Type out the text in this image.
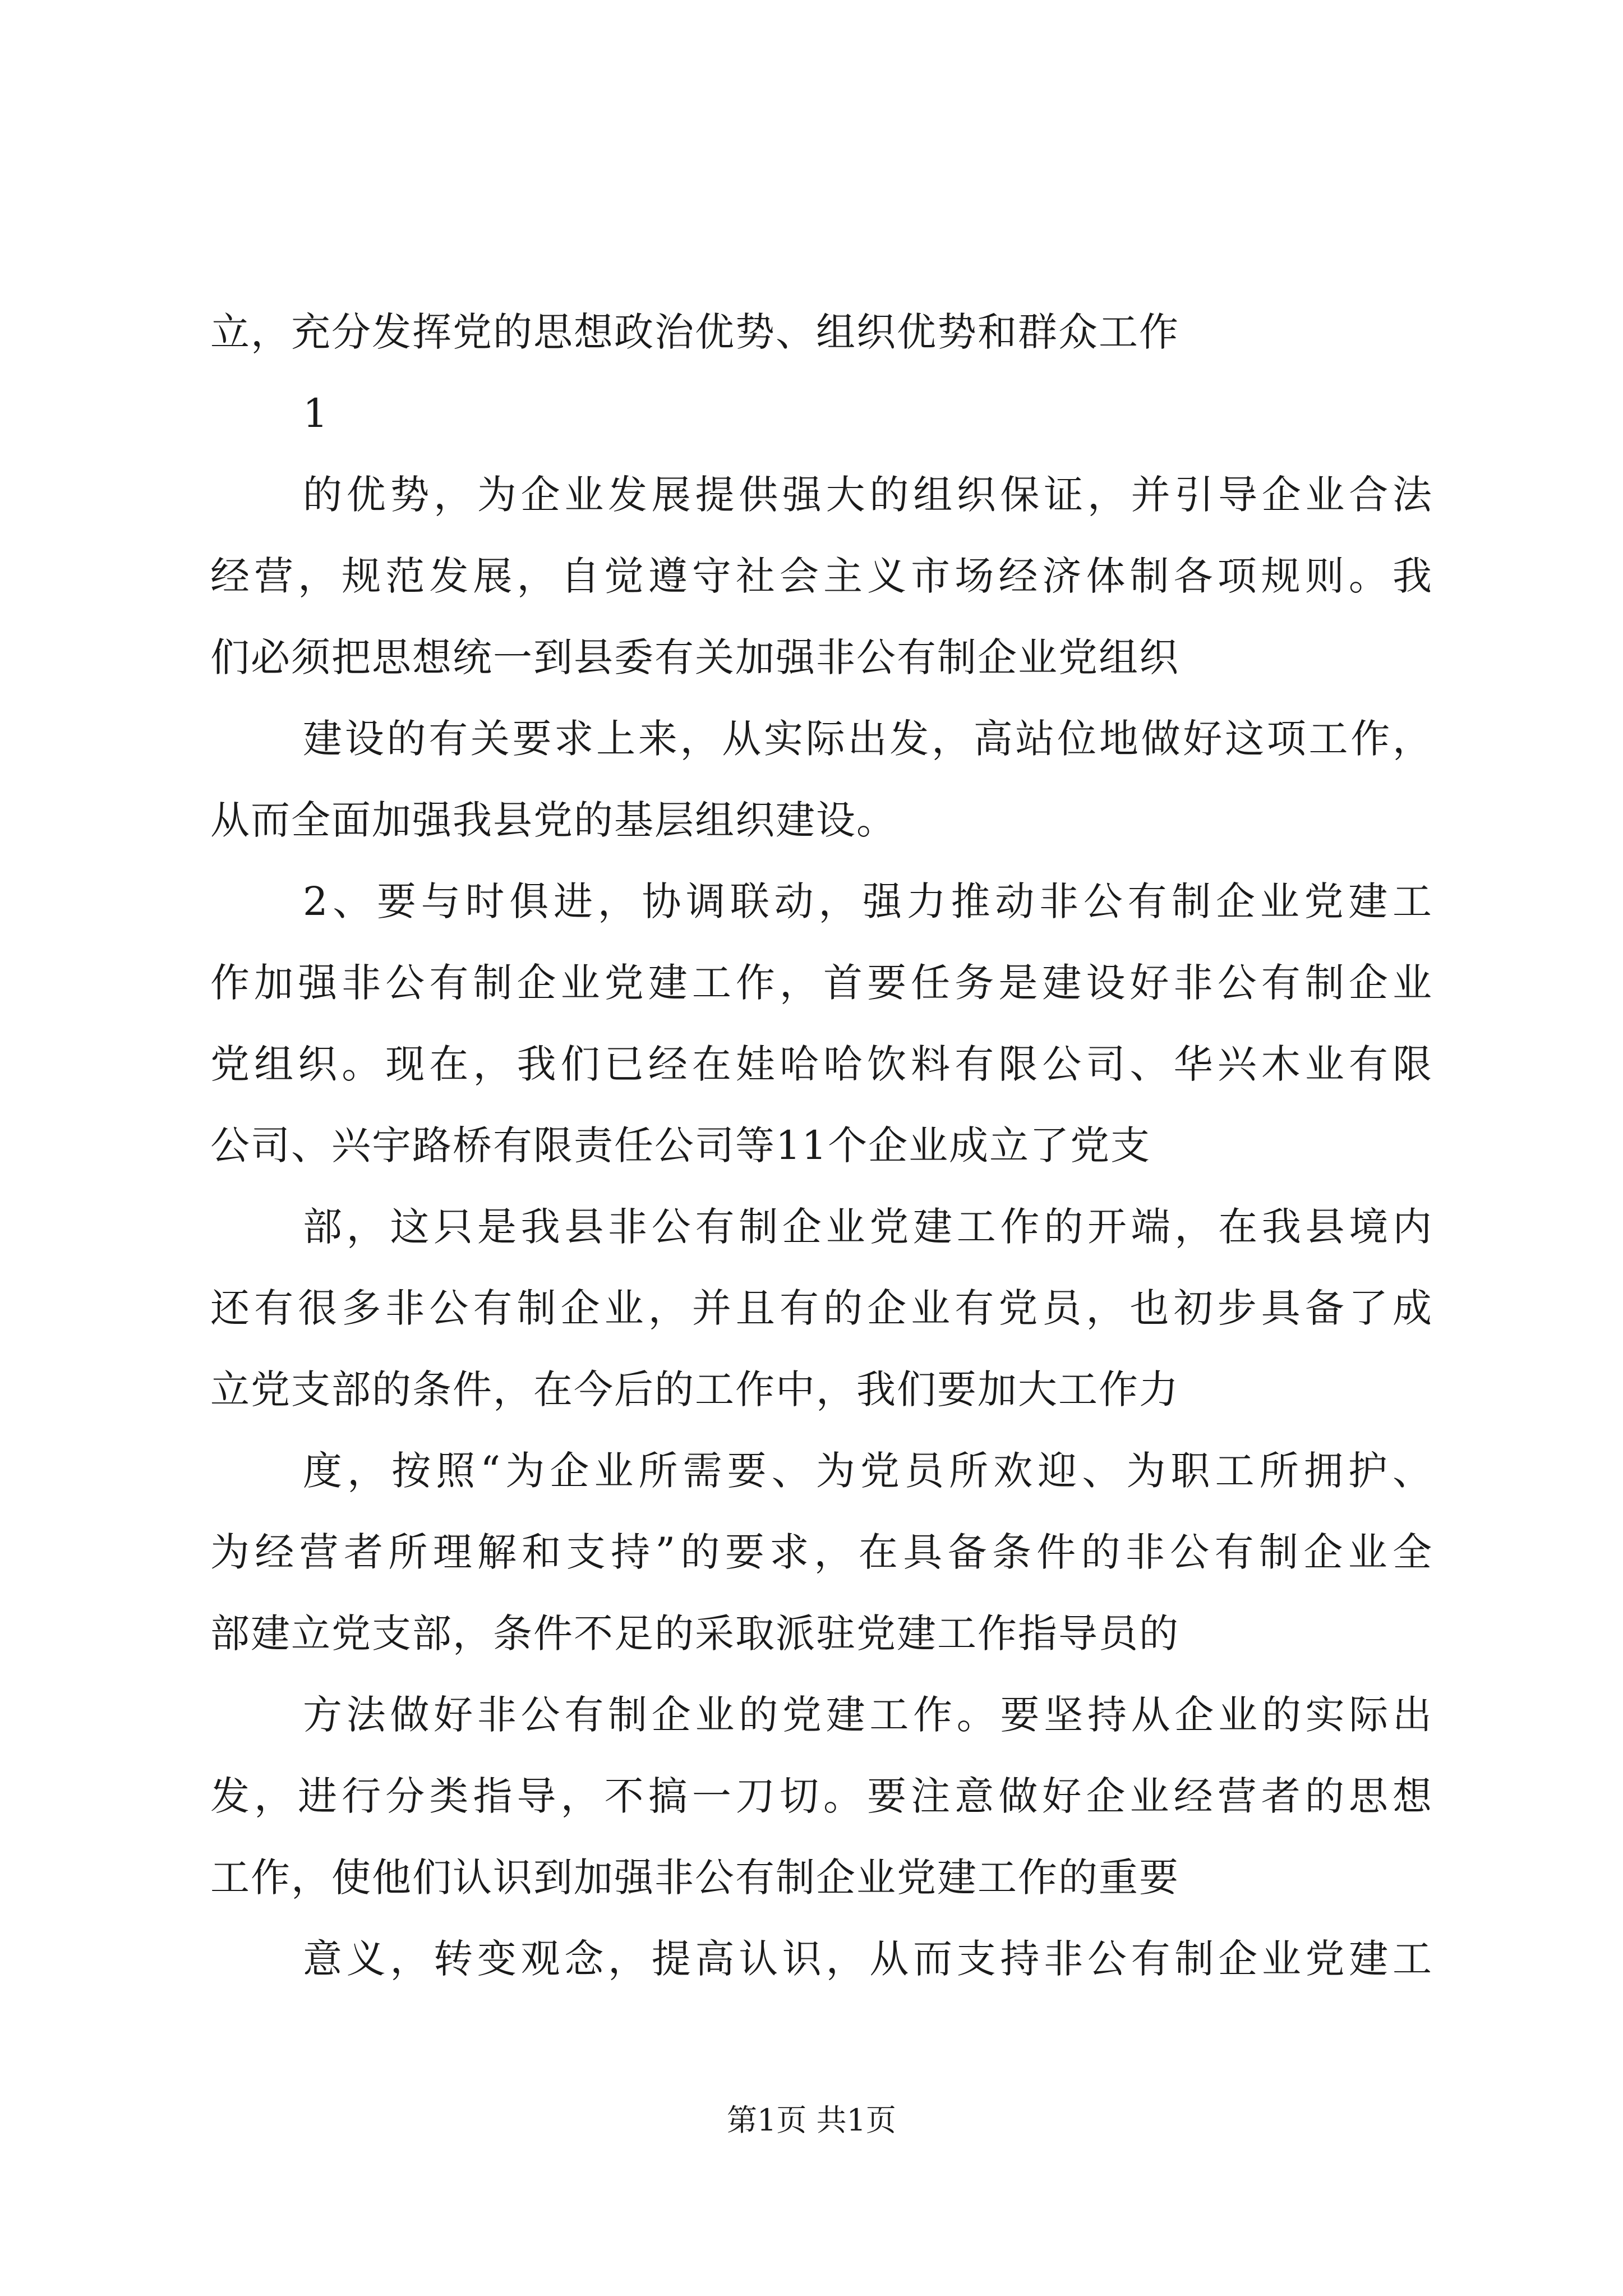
立，充分发挥党的思想政治优势、组织优势和群众工作
1
的优势，为企业发展提供强大的组织保证，并引导企业合法
经营，规范发展，自觉遵守社会主义市场经济体制各项规则。我
们必须把思想统一到县委有关加强非公有制企业党组织
建设的有关要求上来，从实际出发，高站位地做好这项工作，
从而全面加强我县党的基层组织建设。
2、要与时俱进，协调联动，强力推动非公有制企业党建工
作加强非公有制企业党建工作，首要任务是建设好非公有制企业
党组织。现在，我们已经在娃哈哈饮料有限公司、华兴木业有限
公司、兴宇路桥有限责任公司等11个企业成立了党支
部，这只是我县非公有制企业党建工作的开端，在我县境内
还有很多非公有制企业，并且有的企业有党员，也初步具备了成
立党支部的条件，在今后的工作中，我们要加大工作力
度，按照“为企业所需要、为党员所欢迎、为职工所拥护、
为经营者所理解和支持”的要求，在具备条件的非公有制企业全
部建立党支部，条件不足的采取派驻党建工作指导员的
方法做好非公有制企业的党建工作。要坚持从企业的实际出
发，进行分类指导，不搞一刀切。要注意做好企业经营者的思想
工作，使他们认识到加强非公有制企业党建工作的重要
意义，转变观念，提高认识，从而支持非公有制企业党建工
第1页 共1页
